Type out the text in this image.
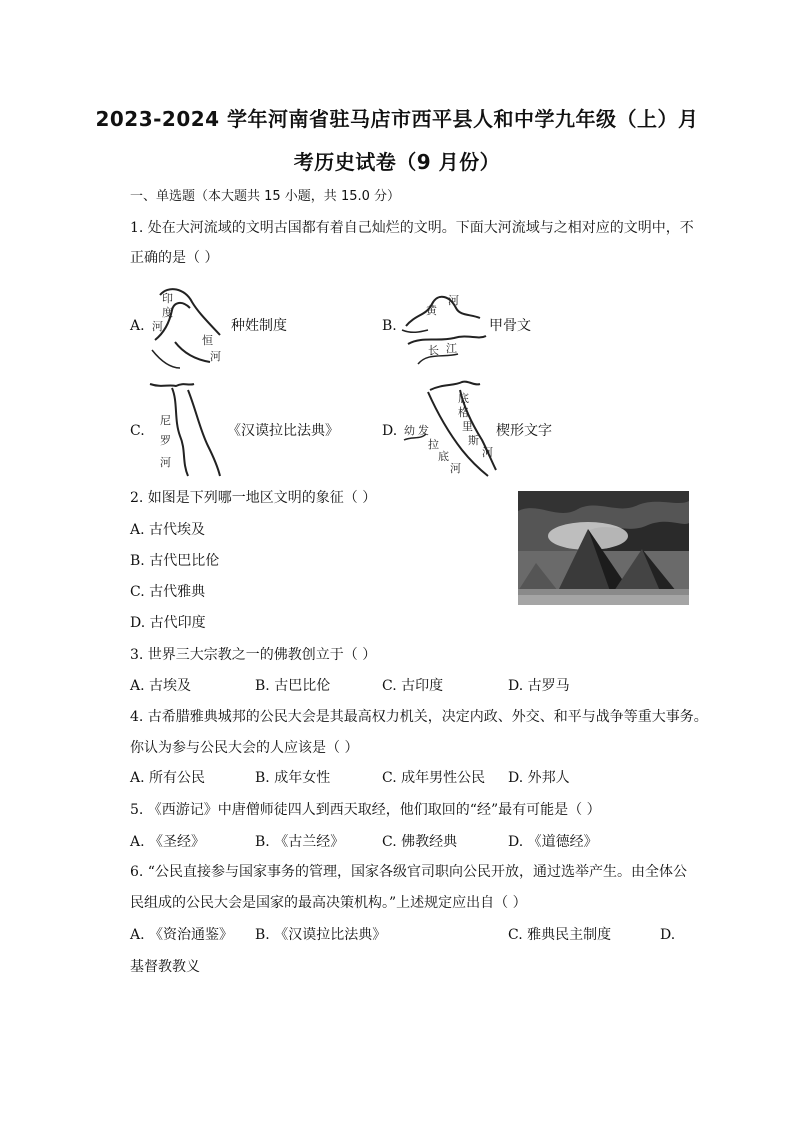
2023-2024 学年河南省驻马店市西平县人和中学九年级（上）月
考历史试卷（9 月份）
一、单选题（本大题共 15 小题，共 15.0 分）
1. 处在大河流域的文明古国都有着自己灿烂的文明。下面大河流域与之相对应的文明中，不
正确的是（ ）
A.
印
度
河
恒
河
种姓制度	B.
黄
河
长 江
甲骨文
C.
尼
罗
河
《汉谟拉比法典》	D. 幼 发
拉
底
河
底
格
里
斯
河
楔形文字
2. 如图是下列哪一地区文明的象征（ ）
A. 古代埃及
B. 古代巴比伦
C. 古代雅典
D. 古代印度
3. 世界三大宗教之一的佛教创立于（ ）
A. 古埃及	B. 古巴比伦	C. 古印度	D. 古罗马
4. 古希腊雅典城邦的公民大会是其最高权力机关，决定内政、外交、和平与战争等重大事务。
你认为参与公民大会的人应该是（ ）
A. 所有公民	B. 成年女性	C. 成年男性公民 D. 外邦人
5. 《西游记》中唐僧师徒四人到西天取经，他们取回的“经”最有可能是（ ）
A. 《圣经》	B. 《古兰经》	C. 佛教经典	D. 《道德经》
6. “公民直接参与国家事务的管理，国家各级官司职向公民开放，通过选举产生。由全体公
民组成的公民大会是国家的最高决策机构。”上述规定应出自（ ）
A. 《资治通鉴》 B. 《汉谟拉比法典》	C. 雅典民主制度	D.
基督教教义
